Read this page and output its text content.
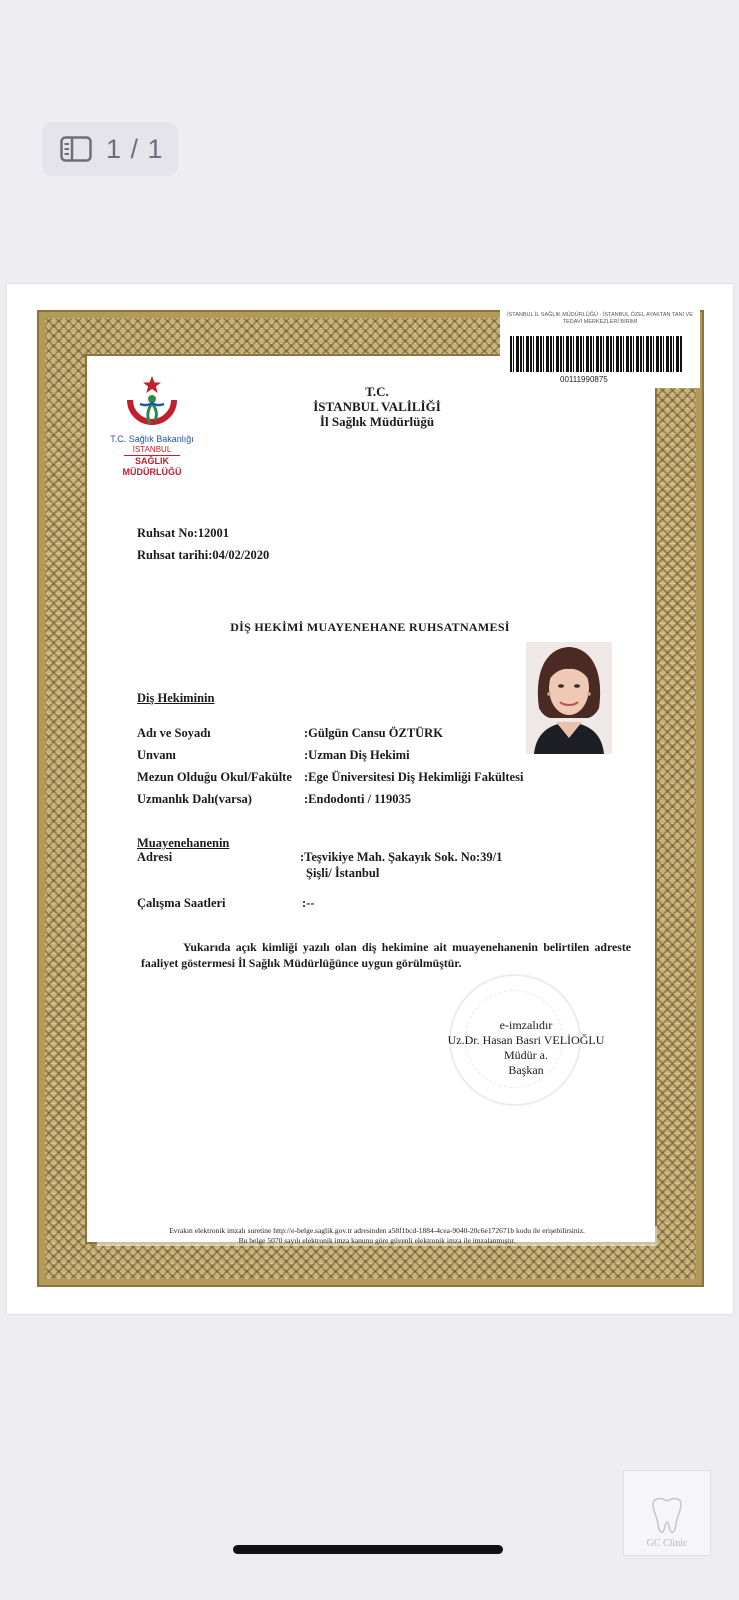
1 / 1
İSTANBUL İL SAĞLIK MÜDÜRLÜĞÜ - İSTANBUL ÖZEL AYAKTAN TANI VE TEDAVİ MERKEZLERİ BİRİMİ
00111990875
T.C. Sağlık Bakanlığı
İSTANBUL
SAĞLIK
MÜDÜRLÜĞÜ
T.C.
İSTANBUL VALİLİĞİ
İl Sağlık Müdürlüğü
Ruhsat No:12001
Ruhsat tarihi:04/02/2020
DİŞ HEKİMİ MUAYENEHANE RUHSATNAMESİ
Diş Hekiminin
Adı ve Soyadı	:Gülgün Cansu ÖZTÜRK
Unvanı	:Uzman Diş Hekimi
Mezun Olduğu Okul/Fakülte :Ege Üniversitesi Diş Hekimliği Fakültesi
Uzmanlık Dalı(varsa)	:Endodonti / 119035
Muayenehanenin
Adresi	:Teşvikiye Mah. Şakayık Sok. No:39/1
Şişli/ İstanbul
Çalışma Saatleri	:--
Yukarıda açık kimliği yazılı olan diş hekimine ait muayenehanenin belirtilen adreste faaliyet göstermesi İl Sağlık Müdürlüğünce uygun görülmüştür.
e-imzalıdır
Uz.Dr. Hasan Basri VELİOĞLU
Müdür a.
Başkan
Evrakın elektronik imzalı suretine http://e-belge.saglik.gov.tr adresinden a58f1bcd-1884-4cea-9040-20c6e172671b kodu ile erişebilirsiniz.
Bu belge 5070 sayılı elektronik imza kanunu göre güvenli elektronik imza ile imzalanmıştır.
GC Clinic
